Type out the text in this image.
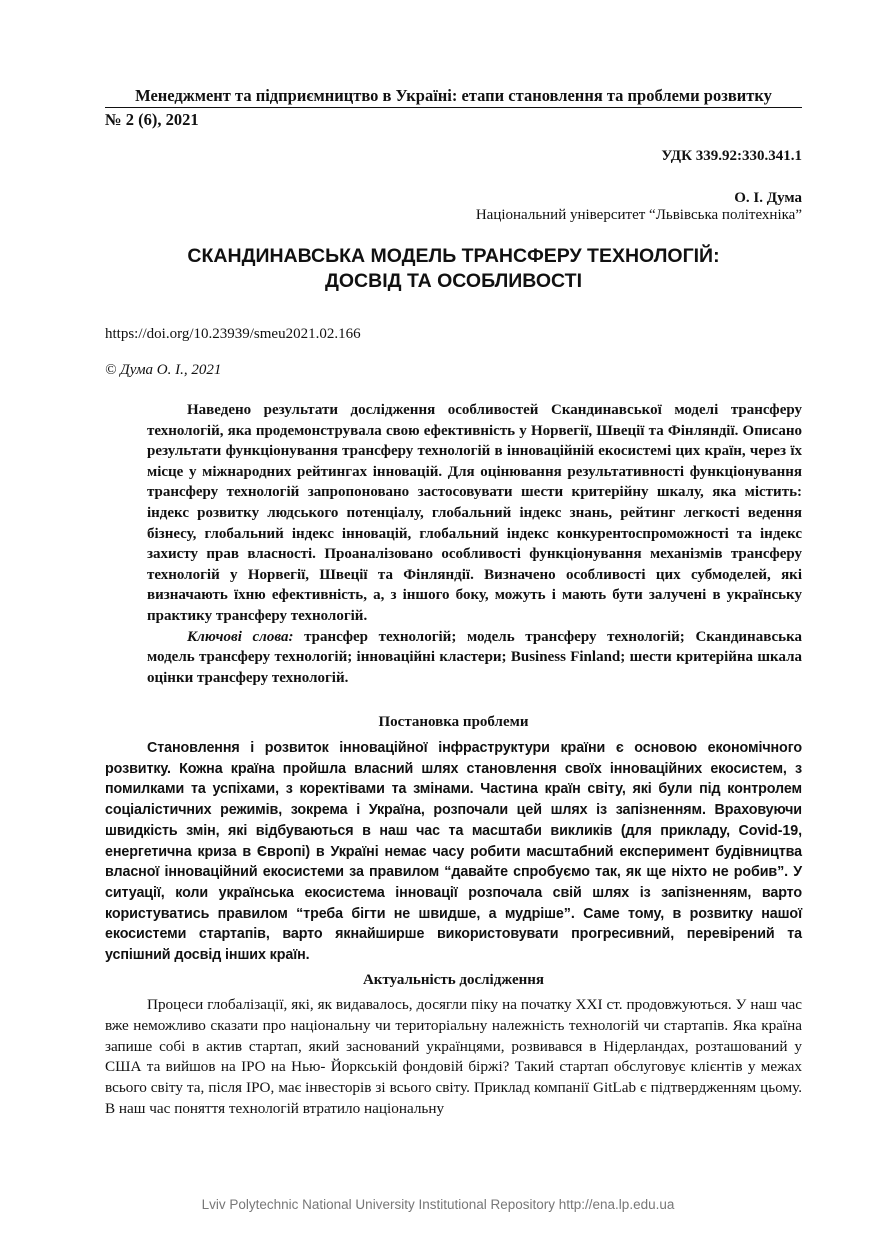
Менеджмент та підприємництво в Україні: етапи становлення та проблеми розвитку
№ 2 (6), 2021
УДК 339.92:330.341.1
О. І. Дума
Національний університет “Львівська політехніка”
СКАНДИНАВСЬКА МОДЕЛЬ ТРАНСФЕРУ ТЕХНОЛОГІЙ:
ДОСВІД ТА ОСОБЛИВОСТІ
https://doi.org/10.23939/smeu2021.02.166
© Дума О. І., 2021

Наведено результати дослідження особливостей Скандинавської моделі трансферу технологій, яка продемонструвала свою ефективність у Норвегії, Швеції та Фінляндії. Описано результати функціонування трансферу технологій в інноваційній екосистемі цих країн, через їх місце у міжнародних рейтингах інновацій. Для оцінювання результативності функціонування трансферу технологій запропоновано застосовувати шести критерійну шкалу, яка містить: індекс розвитку людського потенціалу, глобальний індекс знань, рейтинг легкості ведення бізнесу, глобальний індекс інновацій, глобальний індекс конкурентоспроможності та індекс захисту прав власності. Проаналізовано особливості функціонування механізмів трансферу технологій у Норвегії, Швеції та Фінляндії. Визначено особливості цих субмоделей, які визначають їхню ефективність, а, з іншого боку, можуть і мають бути залучені в українську практику трансферу технологій.

Ключові слова: трансфер технологій; модель трансферу технологій; Скандинавська модель трансферу технологій; інноваційні кластери; Business Finland; шести критерійна шкала оцінки трансферу технологій.

Постановка проблеми

Становлення і розвиток інноваційної інфраструктури країни є основою економічного розвитку. Кожна країна пройшла власний шлях становлення своїх інноваційних екосистем, з помилками та успіхами, з коректівами та змінами. Частина країн світу, які були під контролем соціалістичних режимів, зокрема і Україна, розпочали цей шлях із запізненням. Враховуючи швидкість змін, які відбуваються в наш час та масштаби викликів (для прикладу, Covid-19, енергетична криза в Європі) в Україні немає часу робити масштабний експеримент будівництва власної інноваційний екосистеми за правилом “давайте спробуємо так, як ще ніхто не робив”. У ситуації, коли українська екосистема інновації розпочала свій шлях із запізненням, варто користуватись правилом “треба бігти не швидше, а мудріше”. Саме тому, в розвитку нашої екосистеми стартапів, варто якнайширше використовувати прогресивний, перевірений та успішний досвід інших країн.

Актуальність дослідження

Процеси глобалізації, які, як видавалось, досягли піку на початку XXI ст. продовжуються. У наш час вже неможливо сказати про національну чи територіальну належність технологій чи стартапів. Яка країна запише собі в актив стартап, який заснований українцями, розвивався в Нідерландах, розташований у США та вийшов на IPO на Нью- Йоркській фондовій біржі? Такий стартап обслуговує клієнтів у межах всього світу та, після IPO, має інвесторів зі всього світу. Приклад компанії GitLab є підтвердженням цьому. В наш час поняття технологій втратило національну

Lviv Polytechnic National University Institutional Repository http://ena.lp.edu.ua
